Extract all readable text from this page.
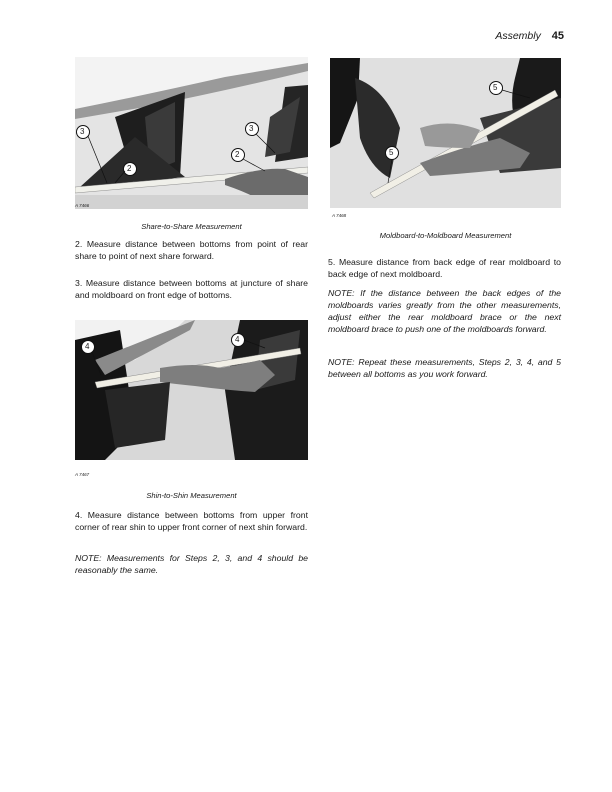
Assembly 45
3
2
3
2
A 7466
Share-to-Share Measurement
5
5
A 7468
Moldboard-to-Moldboard Measurement

2. Measure distance between bottoms from point of rear share to point of next share forward.

3. Measure distance between bottoms at juncture of share and moldboard on front edge of bottoms.

4
4
A 7467
Shin-to-Shin Measurement

4. Measure distance between bottoms from upper front corner of rear shin to upper front corner of next shin forward.

NOTE: Measurements for Steps 2, 3, and 4 should be reasonably the same.

5. Measure distance from back edge of rear moldboard to back edge of next moldboard.

NOTE: If the distance between the back edges of the moldboards varies greatly from the other measurements, adjust either the rear moldboard brace or the next moldboard brace to push one of the moldboards forward.

NOTE: Repeat these measurements, Steps 2, 3, 4, and 5 between all bottoms as you work forward.
